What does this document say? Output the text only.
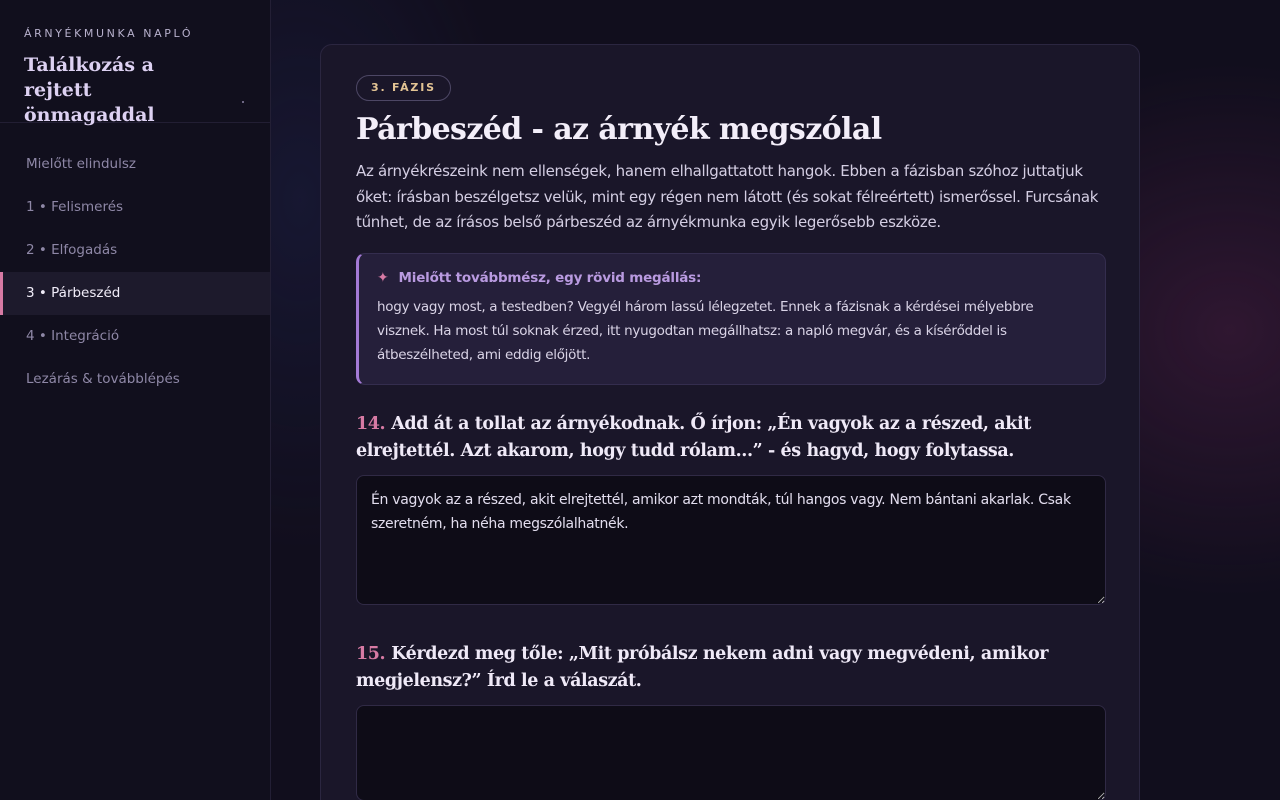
ÁRNYÉKMUNKA NAPLÓ
Találkozás a rejtett önmagaddal
Mielőtt elindulsz
1 • Felismerés
2 • Elfogadás
3 • Párbeszéd
4 • Integráció
Lezárás & továbblépés
3. FÁZIS
Párbeszéd - az árnyék megszólal

Az árnyékrészeink nem ellenségek, hanem elhallgattatott hangok. Ebben a fázisban szóhoz juttatjuk őket: írásban beszélgetsz velük, mint egy régen nem látott (és sokat félreértett) ismerőssel. Furcsának tűnhet, de az írásos belső párbeszéd az árnyékmunka egyik legerősebb eszköze.

✦ Mielőtt továbbmész, egy rövid megállás:
hogy vagy most, a testedben? Vegyél három lassú lélegzetet. Ennek a fázisnak a kérdései mélyebbre visznek. Ha most túl soknak érzed, itt nyugodtan megállhatsz: a napló megvár, és a kísérőddel is átbeszélheted, ami eddig előjött.
14. Add át a tollat az árnyékodnak. Ő írjon: „Én vagyok az a részed, akit elrejtettél. Azt akarom, hogy tudd rólam...” - és hagyd, hogy folytassa.
Én vagyok az a részed, akit elrejtettél, amikor azt mondták, túl hangos vagy. Nem bántani akarlak. Csak szeretném, ha néha megszólalhatnék.
15. Kérdezd meg tőle: „Mit próbálsz nekem adni vagy megvédeni, amikor megjelensz?” Írd le a válaszát.
